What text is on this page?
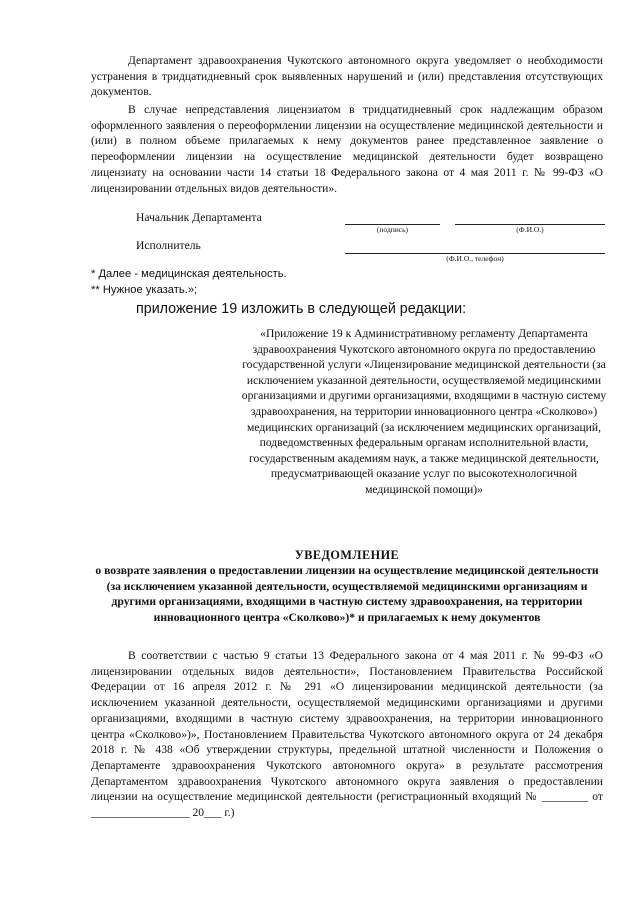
Департамент здравоохранения Чукотского автономного округа уведомляет о необходимости устранения в тридцатидневный срок выявленных нарушений и (или) представления отсутствующих документов.

В случае непредставления лицензиатом в тридцатидневный срок надлежащим образом оформленного заявления о переоформлении лицензии на осуществление медицинской деятельности и (или) в полном объеме прилагаемых к нему документов ранее представленное заявление о переоформлении лицензии на осуществление медицинской деятельности будет возвращено лицензиату на основании части 14 статьи 18 Федерального закона от 4 мая 2011 г. № 99-ФЗ «О лицензировании отдельных видов деятельности».

Начальник Департамента
(подпись)	(Ф.И.О.)
Исполнитель
(Ф.И.О., телефон)
* Далее - медицинская деятельность.
** Нужное указать.»;
приложение 19 изложить в следующей редакции:

«Приложение 19 к Административному регламенту Департамента здравоохранения Чукотского автономного округа по предоставлению государственной услуги «Лицензирование медицинской деятельности (за исключением указанной деятельности, осуществляемой медицинскими организациями и другими организациями, входящими в частную систему здравоохранения, на территории инновационного центра «Сколково») медицинских организаций (за исключением медицинских организаций, подведомственных федеральным органам исполнительной власти, государственным академиям наук, а также медицинской деятельности, предусматривающей оказание услуг по высокотехнологичной медицинской помощи)»

УВЕДОМЛЕНИЕ

о возврате заявления о предоставлении лицензии на осуществление медицинской деятельности (за исключением указанной деятельности, осуществляемой медицинскими организациям и другими организациями, входящими в частную систему здравоохранения, на территории инновационного центра «Сколково»)* и прилагаемых к нему документов

В соответствии с частью 9 статьи 13 Федерального закона от 4 мая 2011 г. № 99-ФЗ «О лицензировании отдельных видов деятельности», Постановлением Правительства Российской Федерации от 16 апреля 2012 г. № 291 «О лицензировании медицинской деятельности (за исключением указанной деятельности, осуществляемой медицинскими организациями и другими организациями, входящими в частную систему здравоохранения, на территории инновационного центра «Сколково»)», Постановлением Правительства Чукотского автономного округа от 24 декабря 2018 г. № 438 «Об утверждении структуры, предельной штатной численности и Положения о Департаменте здравоохранения Чукотского автономного округа» в результате рассмотрения Департаментом здравоохранения Чукотского автономного округа заявления о предоставлении лицензии на осуществление медицинской деятельности (регистрационный входящий № ________ от _________________ 20___ г.)
